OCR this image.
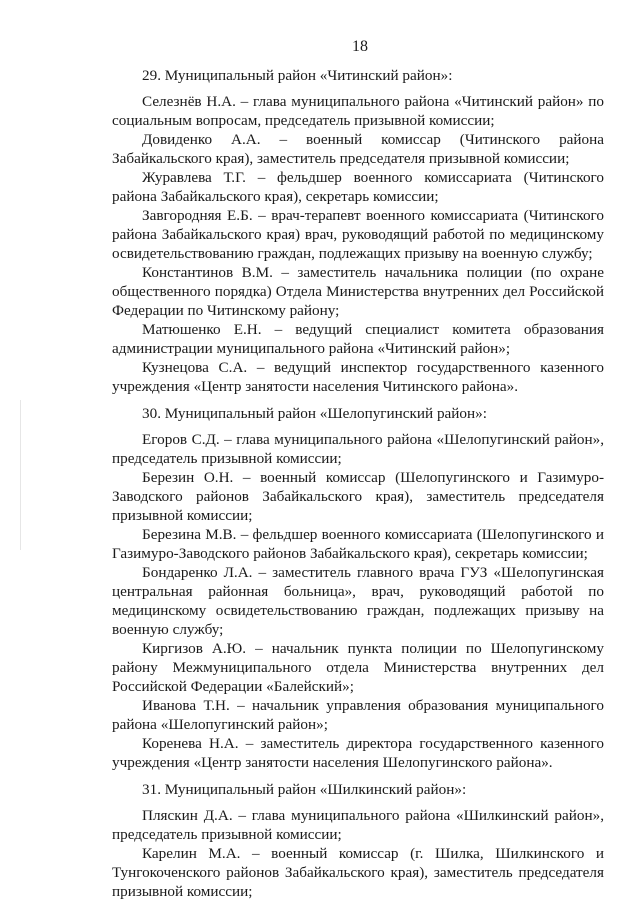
18

29. Муниципальный район «Читинский район»:

Селезнёв Н.А. – глава муниципального района «Читинский район» по социальным вопросам, председатель призывной комиссии;

Довиденко А.А. – военный комиссар (Читинского района Забайкальского края), заместитель председателя призывной комиссии;

Журавлева Т.Г. – фельдшер военного комиссариата (Читинского района Забайкальского края), секретарь комиссии;

Завгородняя Е.Б. – врач-терапевт военного комиссариата (Читинского района Забайкальского края) врач, руководящий работой по медицинскому освидетельствованию граждан, подлежащих призыву на военную службу;

Константинов В.М. – заместитель начальника полиции (по охране общественного порядка) Отдела Министерства внутренних дел Российской Федерации по Читинскому району;

Матюшенко Е.Н. – ведущий специалист комитета образования администрации муниципального района «Читинский район»;

Кузнецова С.А. – ведущий инспектор государственного казенного учреждения «Центр занятости населения Читинского района».

30. Муниципальный район «Шелопугинский район»:

Егоров С.Д. – глава муниципального района «Шелопугинский район», председатель призывной комиссии;

Березин О.Н. – военный комиссар (Шелопугинского и Газимуро-Заводского районов Забайкальского края), заместитель председателя призывной комиссии;

Березина М.В. – фельдшер военного комиссариата (Шелопугинского и Газимуро-Заводского районов Забайкальского края), секретарь комиссии;

Бондаренко Л.А. – заместитель главного врача ГУЗ «Шелопугинская центральная районная больница», врач, руководящий работой по медицинскому освидетельствованию граждан, подлежащих призыву на военную службу;

Киргизов А.Ю. – начальник пункта полиции по Шелопугинскому району Межмуниципального отдела Министерства внутренних дел Российской Федерации «Балейский»;

Иванова Т.Н. – начальник управления образования муниципального района «Шелопугинский район»;

Коренева Н.А. – заместитель директора государственного казенного учреждения «Центр занятости населения Шелопугинского района».

31. Муниципальный район «Шилкинский район»:

Пляскин Д.А. – глава муниципального района «Шилкинский район», председатель призывной комиссии;

Карелин М.А. – военный комиссар (г. Шилка, Шилкинского и Тунгокоченского районов Забайкальского края), заместитель председателя призывной комиссии;
